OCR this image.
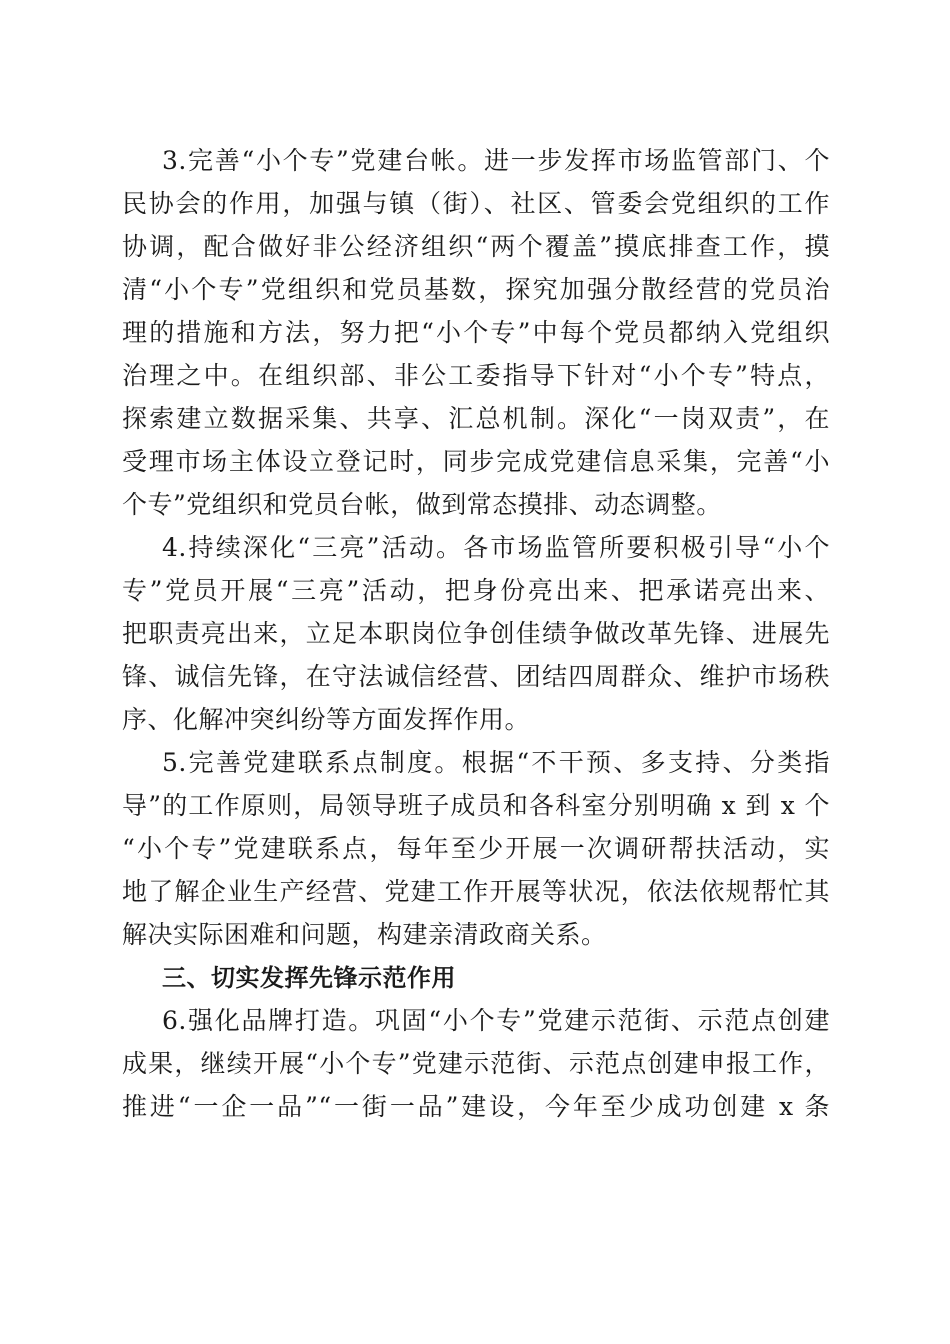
3.完善“小个专”党建台帐。进一步发挥市场监管部门、个
民协会的作用，加强与镇（街）、社区、管委会党组织的工作
协调，配合做好非公经济组织“两个覆盖”摸底排查工作，摸
清“小个专”党组织和党员基数，探究加强分散经营的党员治
理的措施和方法，努力把“小个专”中每个党员都纳入党组织
治理之中。在组织部、非公工委指导下针对“小个专”特点，
探索建立数据采集、共享、汇总机制。深化“一岗双责”，在
受理市场主体设立登记时，同步完成党建信息采集，完善“小
个专”党组织和党员台帐，做到常态摸排、动态调整。
4.持续深化“三亮”活动。各市场监管所要积极引导“小个
专”党员开展“三亮”活动，把身份亮出来、把承诺亮出来、
把职责亮出来，立足本职岗位争创佳绩争做改革先锋、进展先
锋、诚信先锋，在守法诚信经营、团结四周群众、维护市场秩
序、化解冲突纠纷等方面发挥作用。
5.完善党建联系点制度。根据“不干预、多支持、分类指
导”的工作原则，局领导班子成员和各科室分别明确 x 到 x 个
“小个专”党建联系点，每年至少开展一次调研帮扶活动，实
地了解企业生产经营、党建工作开展等状况，依法依规帮忙其
解决实际困难和问题，构建亲清政商关系。
三、切实发挥先锋示范作用
6.强化品牌打造。巩固“小个专”党建示范街、示范点创建
成果，继续开展“小个专”党建示范街、示范点创建申报工作，
推进“一企一品”“一街一品”建设，今年至少成功创建 x 条
